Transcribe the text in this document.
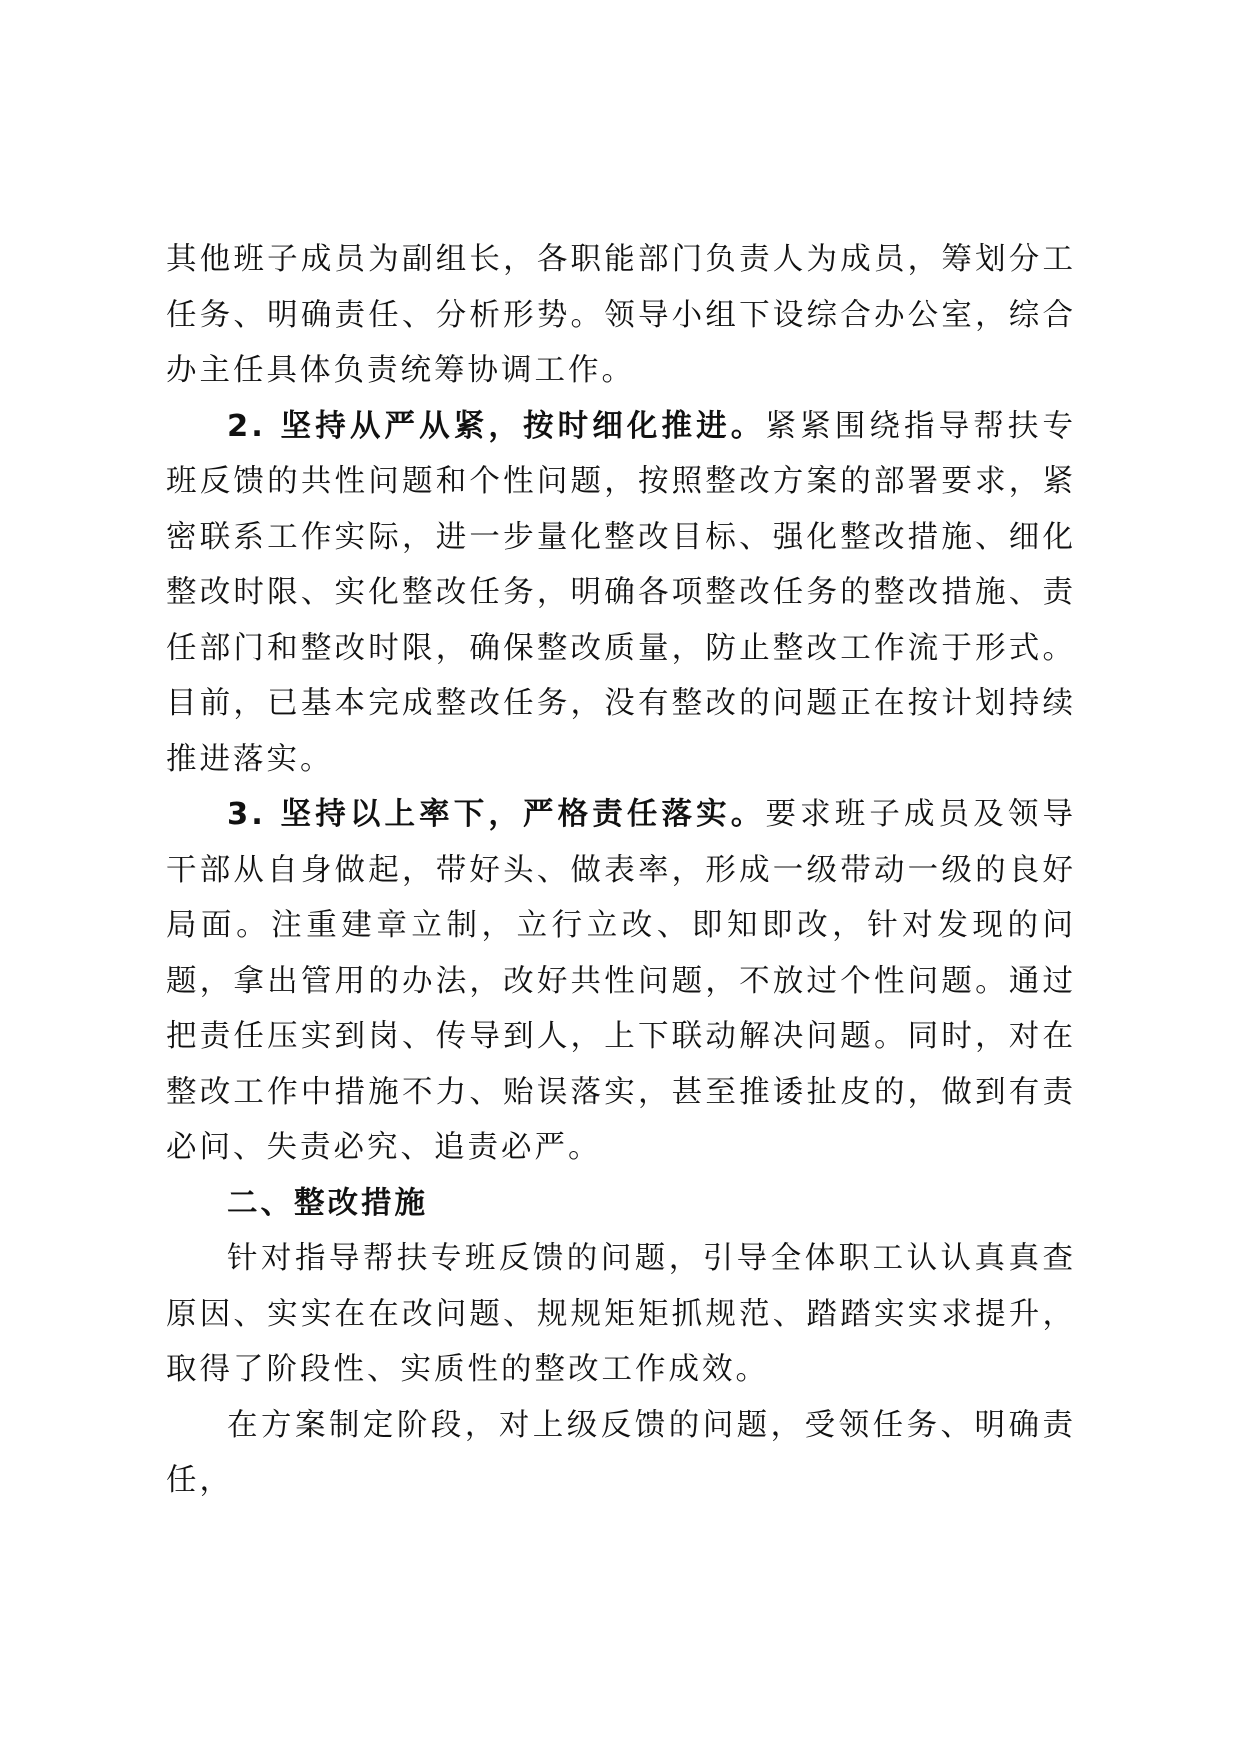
其他班子成员为副组长，各职能部门负责人为成员，筹划分工任务、明确责任、分析形势。领导小组下设综合办公室，综合办主任具体负责统筹协调工作。

2. 坚持从严从紧，按时细化推进。紧紧围绕指导帮扶专班反馈的共性问题和个性问题，按照整改方案的部署要求，紧密联系工作实际，进一步量化整改目标、强化整改措施、细化整改时限、实化整改任务，明确各项整改任务的整改措施、责任部门和整改时限，确保整改质量，防止整改工作流于形式。目前，已基本完成整改任务，没有整改的问题正在按计划持续推进落实。

3. 坚持以上率下，严格责任落实。要求班子成员及领导干部从自身做起，带好头、做表率，形成一级带动一级的良好局面。注重建章立制，立行立改、即知即改，针对发现的问题，拿出管用的办法，改好共性问题，不放过个性问题。通过把责任压实到岗、传导到人，上下联动解决问题。同时，对在整改工作中措施不力、贻误落实，甚至推诿扯皮的，做到有责必问、失责必究、追责必严。

二、整改措施

针对指导帮扶专班反馈的问题，引导全体职工认认真真查原因、实实在在改问题、规规矩矩抓规范、踏踏实实求提升，取得了阶段性、实质性的整改工作成效。

在方案制定阶段，对上级反馈的问题，受领任务、明确责任，
